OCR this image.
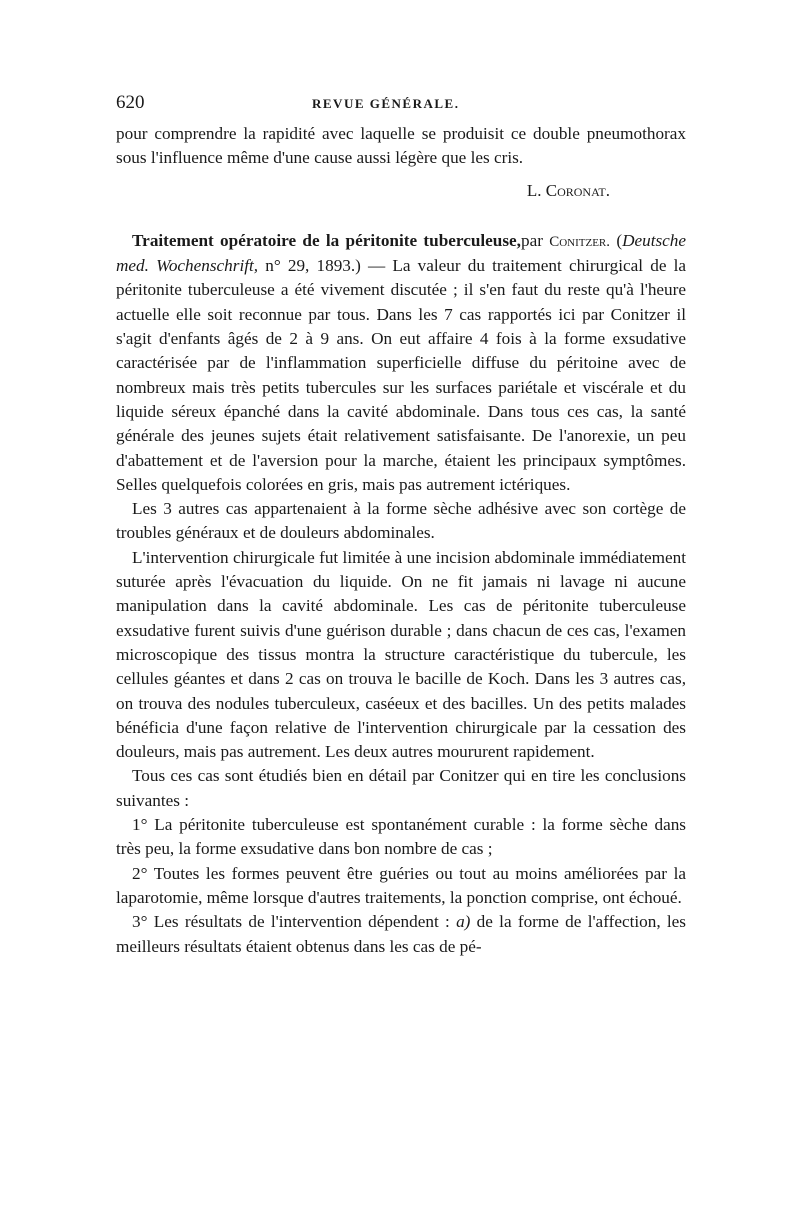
620	REVUE GÉNÉRALE.

pour comprendre la rapidité avec laquelle se produisit ce double pneumothorax sous l'influence même d'une cause aussi légère que les cris.

L. Coronat.

Traitement opératoire de la péritonite tuberculeuse,par Conitzer. (Deutsche med. Wochenschrift, n° 29, 1893.) — La valeur du traitement chirurgical de la péritonite tuberculeuse a été vivement discutée ; il s'en faut du reste qu'à l'heure actuelle elle soit reconnue par tous. Dans les 7 cas rapportés ici par Conitzer il s'agit d'enfants âgés de 2 à 9 ans. On eut affaire 4 fois à la forme exsudative caractérisée par de l'inflammation superficielle diffuse du péritoine avec de nombreux mais très petits tubercules sur les surfaces pariétale et viscérale et du liquide séreux épanché dans la cavité abdominale. Dans tous ces cas, la santé générale des jeunes sujets était relativement satisfaisante. De l'anorexie, un peu d'abattement et de l'aversion pour la marche, étaient les principaux symptômes. Selles quelquefois colorées en gris, mais pas autrement ictériques.

Les 3 autres cas appartenaient à la forme sèche adhésive avec son cortège de troubles généraux et de douleurs abdominales.

L'intervention chirurgicale fut limitée à une incision abdominale immédiatement suturée après l'évacuation du liquide. On ne fit jamais ni lavage ni aucune manipulation dans la cavité abdominale. Les cas de péritonite tuberculeuse exsudative furent suivis d'une guérison durable ; dans chacun de ces cas, l'examen microscopique des tissus montra la structure caractéristique du tubercule, les cellules géantes et dans 2 cas on trouva le bacille de Koch. Dans les 3 autres cas, on trouva des nodules tuberculeux, caséeux et des bacilles. Un des petits malades bénéficia d'une façon relative de l'intervention chirurgicale par la cessation des douleurs, mais pas autrement. Les deux autres moururent rapidement.

Tous ces cas sont étudiés bien en détail par Conitzer qui en tire les conclusions suivantes :

1° La péritonite tuberculeuse est spontanément curable : la forme sèche dans très peu, la forme exsudative dans bon nombre de cas ;

2° Toutes les formes peuvent être guéries ou tout au moins améliorées par la laparotomie, même lorsque d'autres traitements, la ponction comprise, ont échoué.

3° Les résultats de l'intervention dépendent : a) de la forme de l'affection, les meilleurs résultats étaient obtenus dans les cas de pé-
